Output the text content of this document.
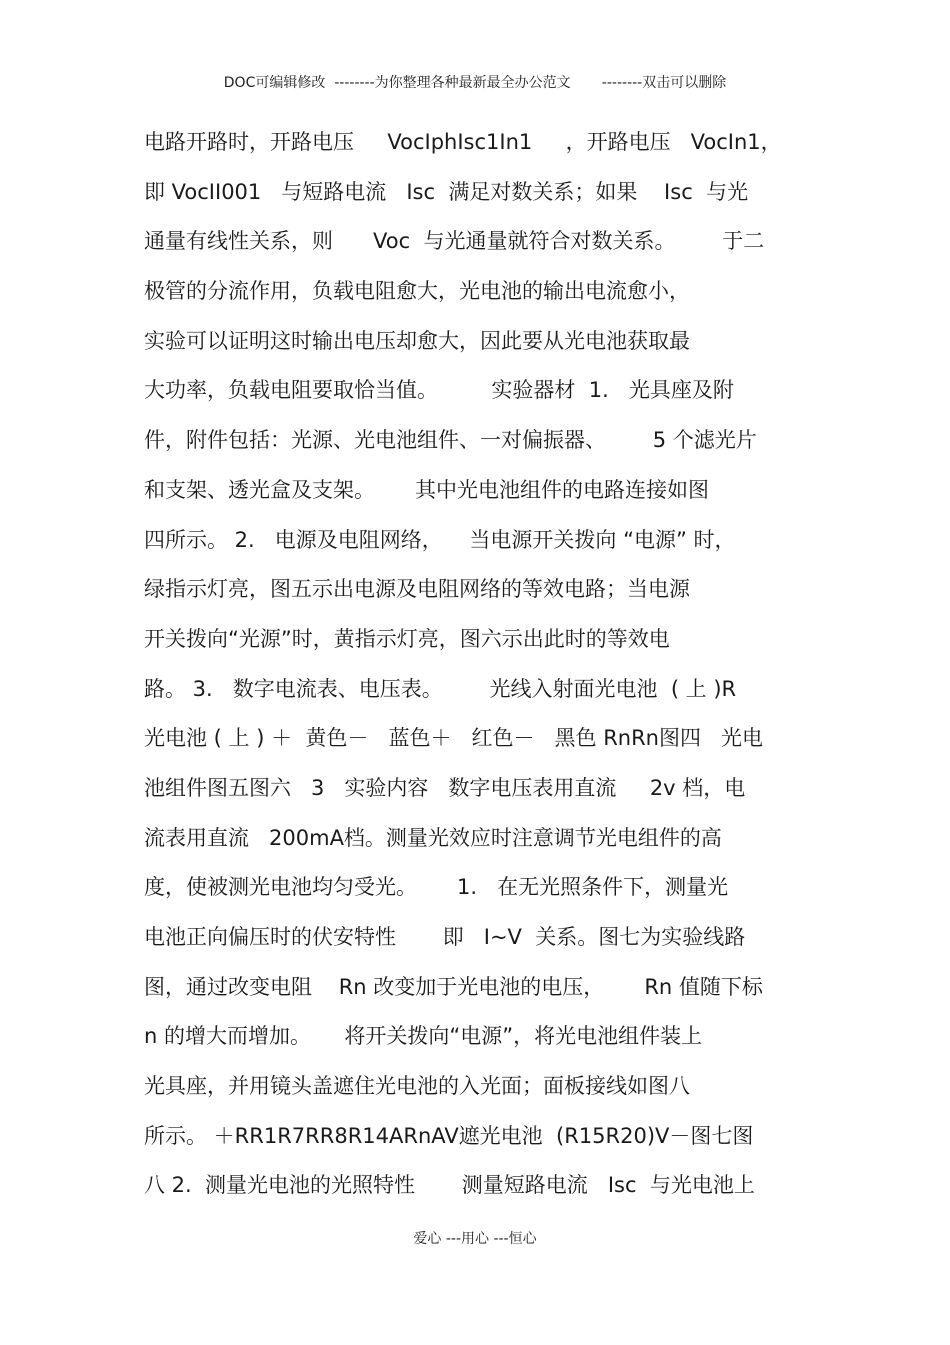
DOC可编辑修改  --------为你整理各种最新最全办公范文       --------双击可以删除
电路开路时，开路电压     VocIphIsc1In1     ，开路电压   VocIn1，
即 VocII001   与短路电流   Isc  满足对数关系；如果    Isc  与光
通量有线性关系，则      Voc  与光通量就符合对数关系。       于二
极管的分流作用，负载电阻愈大，光电池的输出电流愈小，
实验可以证明这时输出电压却愈大，因此要从光电池获取最
大功率，负载电阻要取恰当值。        实验器材  1.   光具座及附
件，附件包括：光源、光电池组件、一对偏振器、       5 个滤光片
和支架、透光盒及支架。      其中光电池组件的电路连接如图
四所示。 2.   电源及电阻网络，    当电源开关拨向 “电源” 时，
绿指示灯亮，图五示出电源及电阻网络的等效电路；当电源
开关拨向“光源”时，黄指示灯亮，图六示出此时的等效电
路。 3.   数字电流表、电压表。       光线入射面光电池  ( 上 )R
光电池 ( 上 ) ＋  黄色－   蓝色＋   红色－   黑色 RnRn图四   光电
池组件图五图六   3   实验内容   数字电压表用直流     2v 档，电
流表用直流   200mA档。测量光效应时注意调节光电组件的高
度，使被测光电池均匀受光。      1.   在无光照条件下，测量光
电池正向偏压时的伏安特性       即   I~V  关系。图七为实验线路
图，通过改变电阻    Rn 改变加于光电池的电压，      Rn 值随下标
n 的增大而增加。     将开关拨向“电源”，将光电池组件装上
光具座，并用镜头盖遮住光电池的入光面；面板接线如图八
所示。 ＋RR1R7RR8R14ARnAV遮光电池  (R15R20)V－图七图
八 2.  测量光电池的光照特性       测量短路电流   Isc  与光电池上
爱心 ---用心 ---恒心
